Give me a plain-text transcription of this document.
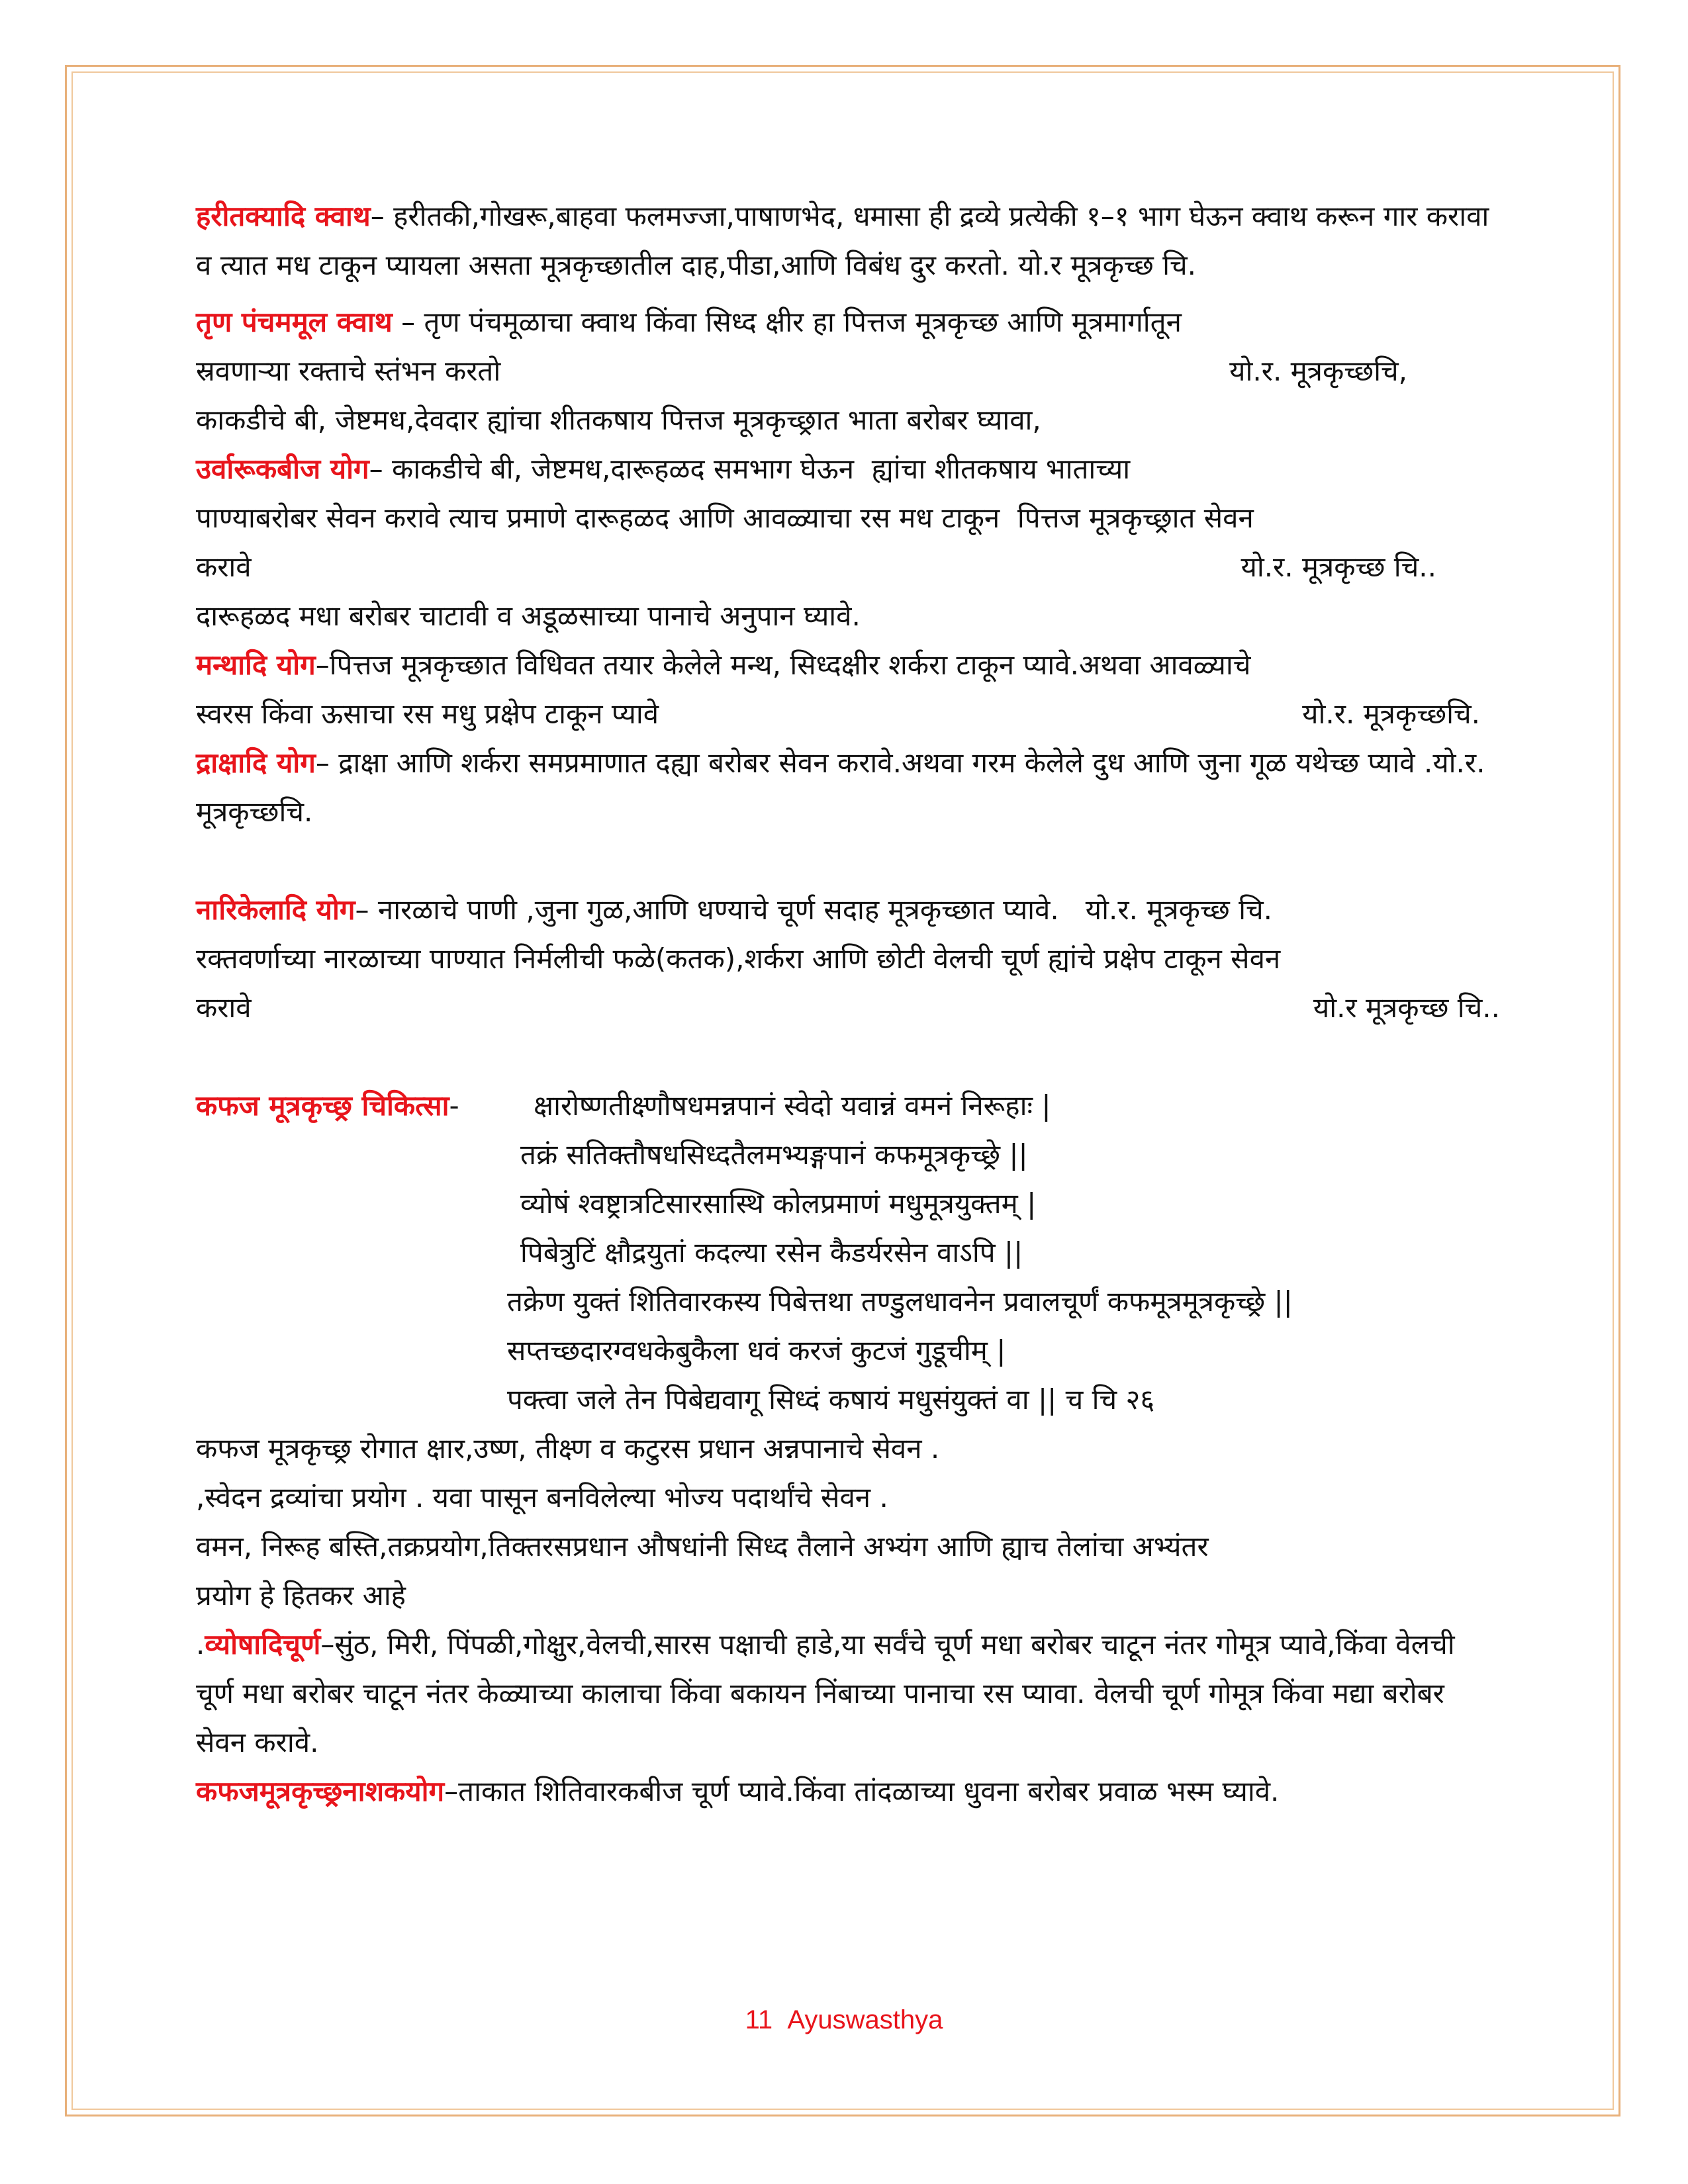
हरीतक्यादि क्वाथ– हरीतकी,गोखरू,बाहवा फलमज्जा,पाषाणभेद, धमासा ही द्रव्ये प्रत्येकी १–१ भाग घेऊन क्वाथ करून गार करावा व त्यात मध टाकून प्यायला असता मूत्रकृच्छातील दाह,पीडा,आणि विबंध दुर करतो. योे.र मूत्रकृच्छ चि.

तृण पंचममूल क्वाथ – तृण पंचमूळाचा क्वाथ किंवा सिध्द क्षीर हा पित्तज मूत्रकृच्छ आणि मूत्रमार्गातून

स्रवणाऱ्या रक्ताचे स्तंभन करतो	यो.र. मूत्रकृच्छचि,

काकडीचे बी, जेष्टमध,देवदार ह्यांचा शीतकषाय पित्तज मूत्रकृच्छ्रात भाता बरोबर घ्यावा,

उर्वारूकबीज योग– काकडीचे बी, जेष्टमध,दारूहळद समभाग घेऊन  ह्यांचा शीतकषाय भाताच्या

पाण्याबरोबर सेवन करावे त्याच प्रमाणे दारूहळद आणि आवळ्याचा रस मध टाकून  पित्तज मूत्रकृच्छ्रात सेवन

करावे	यो.र. मूत्रकृच्छ चि..

दारूहळद मधा बरोबर चाटावी व अडूळसाच्या पानाचे अनुपान घ्यावे.

मन्थादि योग–पित्तज मूत्रकृच्छात विधिवत तयार केलेले मन्थ, सिध्दक्षीर शर्करा टाकून प्यावे.अथवा आवळ्याचे

स्वरस किंवा ऊसाचा रस मधु प्रक्षेप टाकून प्यावे	यो.र. मूत्रकृच्छचि.

द्राक्षादि योग– द्राक्षा आणि शर्करा समप्रमाणात दह्या बरोबर सेवन करावे.अथवा गरम केलेले दुध आणि जुना गूळ यथेच्छ प्यावे .यो.र. मूत्रकृच्छचि.

नारिकेलादि योग– नारळाचे पाणी ,जुना गुळ,आणि धण्याचे चूर्ण सदाह मूत्रकृच्छात प्यावे.   यो.र. मूत्रकृच्छ चि.

रक्तवर्णाच्या नारळाच्या पाण्यात निर्मलीची फळे(कतक),शर्करा आणि छोटी वेलची चूर्ण ह्यांचे प्रक्षेप टाकून सेवन

करावे	यो.र मूत्रकृच्छ चि..

कफज मूत्रकृच्छ्र चिकित्सा-	क्षारोष्णतीक्ष्णौषधमन्नपानं स्वेदो यवान्नं वमनं निरूहाः |

तक्रं सतिक्तौषधसिध्दतैलमभ्यङ्गपानं कफमूत्रकृच्छ्रे ||

व्योषं श्वष्ट्रात्रटिसारसास्थि कोलप्रमाणं मधुमूत्रयुक्तम् |

पिबेत्रुटिं क्षौद्रयुतां कदल्या रसेन कैडर्यरसेन वाऽपि ||

तक्रेण युक्तं शितिवारकस्य पिबेत्तथा तण्डुलधावनेन प्रवालचूर्णं कफमूत्रमूत्रकृच्छ्रे ||

सप्तच्छदारग्वधकेबुकैला धवं करजं कुटजं गुडूचीम् |

पक्त्वा जले तेन पिबेद्यवागू सिध्दं कषायं मधुसंयुक्तं वा || च चि २६

कफज मूत्रकृच्छ्र रोगात क्षार,उष्ण, तीक्ष्ण व कटुरस प्रधान अन्नपानाचे सेवन .

,स्वेदन द्रव्यांचा प्रयोग . यवा पासून बनविलेल्या भोज्य पदार्थांचे सेवन .

वमन, निरूह बस्ति,तक्रप्रयोग,तिक्तरसप्रधान औषधांनी सिध्द तैलाने अभ्यंग आणि ह्याच तेलांचा अभ्यंतर

प्रयोग हे हितकर आहे

.व्योषादिचूर्ण–सुंठ, मिरी, पिंपळी,गोक्षुर,वेलची,सारस पक्षाची हाडे,या सर्वंचे चूर्ण मधा बरोबर चाटून नंतर गोमूत्र प्यावे,किंवा वेलची चूर्ण मधा बरोबर चाटून नंतर केळ्याच्या कालाचा किंवा बकायन निंबाच्या पानाचा रस प्यावा. वेलची चूर्ण गोमूत्र किंवा मद्या बरोबर सेवन करावे.

कफजमूत्रकृच्छ्रनाशकयोग–ताकात शितिवारकबीज चूर्ण प्यावे.किंवा तांदळाच्या धुवना बरोबर प्रवाळ भस्म घ्यावे.

11 Ayuswasthya
